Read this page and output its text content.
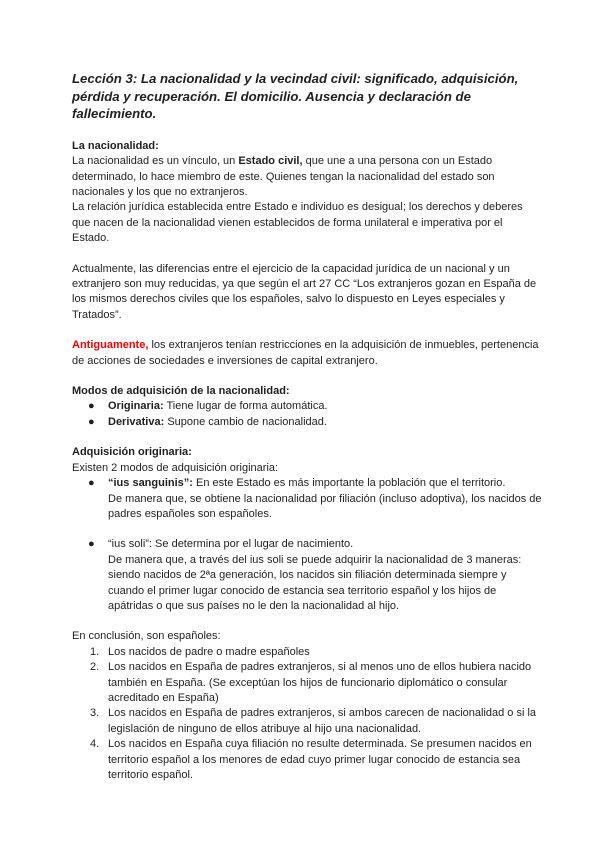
Lección 3: La nacionalidad y la vecindad civil: significado, adquisición, pérdida y recuperación. El domicilio. Ausencia y declaración de fallecimiento.

La nacionalidad:

La nacionalidad es un vínculo, un Estado civil, que une a una persona con un Estado determinado, lo hace miembro de este. Quienes tengan la nacionalidad del estado son nacionales y los que no extranjeros.

La relación jurídica establecida entre Estado e individuo es desigual; los derechos y deberes que nacen de la nacionalidad vienen establecidos de forma unilateral e imperativa por el Estado.

Actualmente, las diferencias entre el ejercicio de la capacidad jurídica de un nacional y un extranjero son muy reducidas, ya que según el art 27 CC “Los extranjeros gozan en España de los mismos derechos civiles que los españoles, salvo lo dispuesto en Leyes especiales y Tratados”.

Antiguamente, los extranjeros tenían restricciones en la adquisición de inmuebles, pertenencia de acciones de sociedades e inversiones de capital extranjero.

Modos de adquisición de la nacionalidad:

● Originaria: Tiene lugar de forma automática.
● Derivativa: Supone cambio de nacionalidad.

Adquisición originaria:

Existen 2 modos de adquisición originaria:

● “ius sanguinis”: En este Estado es más importante la población que el territorio.
De manera que, se obtiene la nacionalidad por filiación (incluso adoptiva), los nacidos de padres españoles son españoles.
● “ius soli”: Se determina por el lugar de nacimiento.
De manera que, a través del ius soli se puede adquirir la nacionalidad de 3 maneras: siendo nacidos de 2ªa generación, los nacidos sin filiación determinada siempre y cuando el primer lugar conocido de estancia sea territorio español y los hijos de apátridas o que sus países no le den la nacionalidad al hijo.

En conclusión, son españoles:

1. Los nacidos de padre o madre españoles
2. Los nacidos en España de padres extranjeros, si al menos uno de ellos hubiera nacido también en España. (Se exceptúan los hijos de funcionario diplomático o consular acreditado en España)
3. Los nacidos en España de padres extranjeros, si ambos carecen de nacionalidad o si la legislación de ninguno de ellos atribuye al hijo una nacionalidad.
4. Los nacidos en España cuya filiación no resulte determinada. Se presumen nacidos en territorio español a los menores de edad cuyo primer lugar conocido de estancia sea territorio español.
